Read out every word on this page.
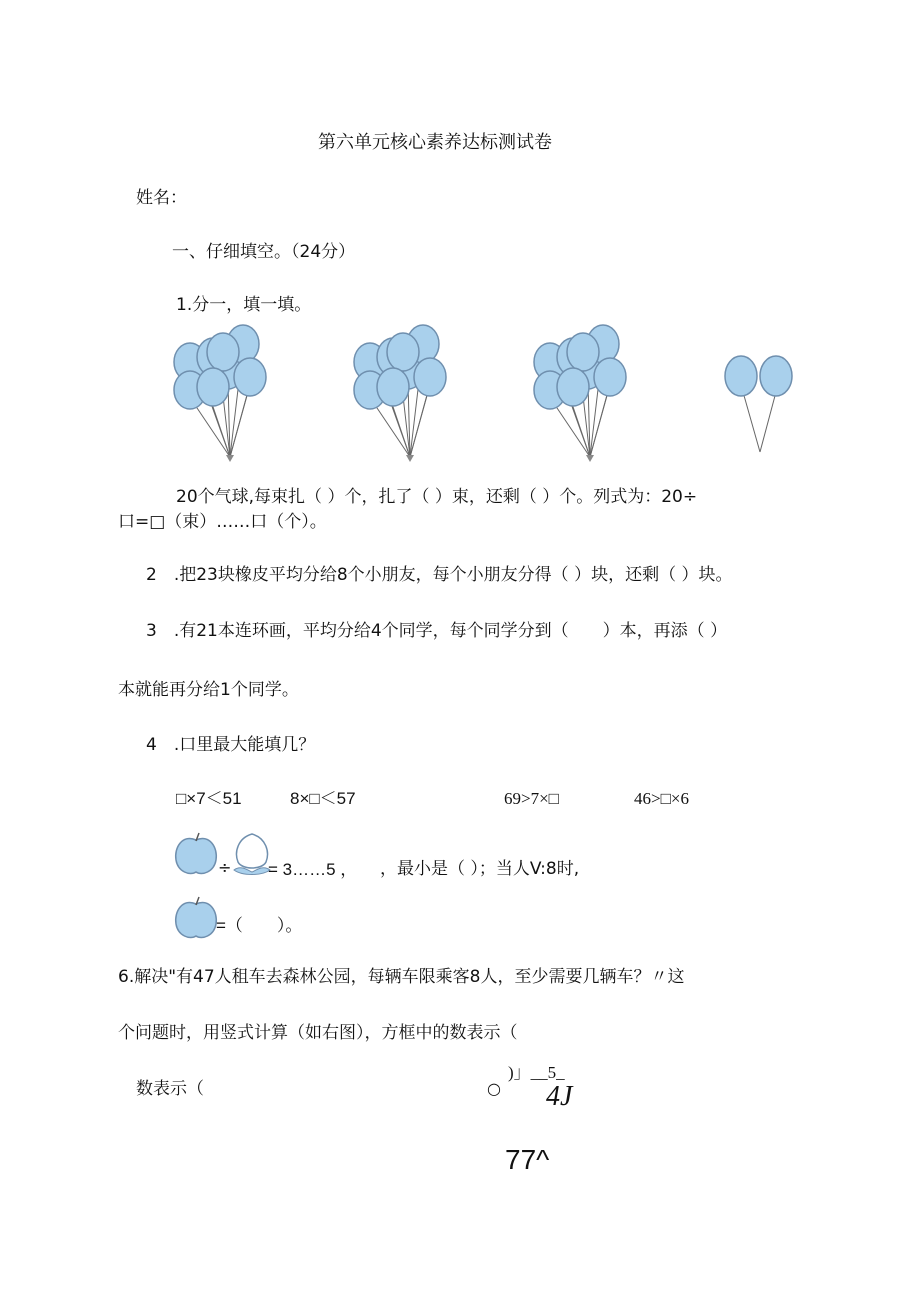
第六单元核心素养达标测试卷
姓名：
一、仔细填空。（24分）
1.分一，填一填。
20个气球,每束扎（ ）个，扎了（ ）束，还剩（ ）个。列式为：20÷
口=□（束）……口（个）。
2　.把23块橡皮平均分给8个小朋友，每个小朋友分得（ ）块，还剩（ ）块。
3　.有21本连环画，平均分给4个同学，每个同学分到（　　）本，再添（ ）
本就能再分给1个同学。
4　.口里最大能填几？
□×7＜51	8×□＜57	69>7×□	46>□×6
÷ = 3……5 ， ，最小是（ ）；当人V:8时,
=（　　）。
6.解决"有47人租车去森林公园，每辆车限乘客8人，至少需要几辆车？〃这
个问题时，用竖式计算（如右图），方框中的数表示（
数表示（	○
)」__5_
4J
77^
